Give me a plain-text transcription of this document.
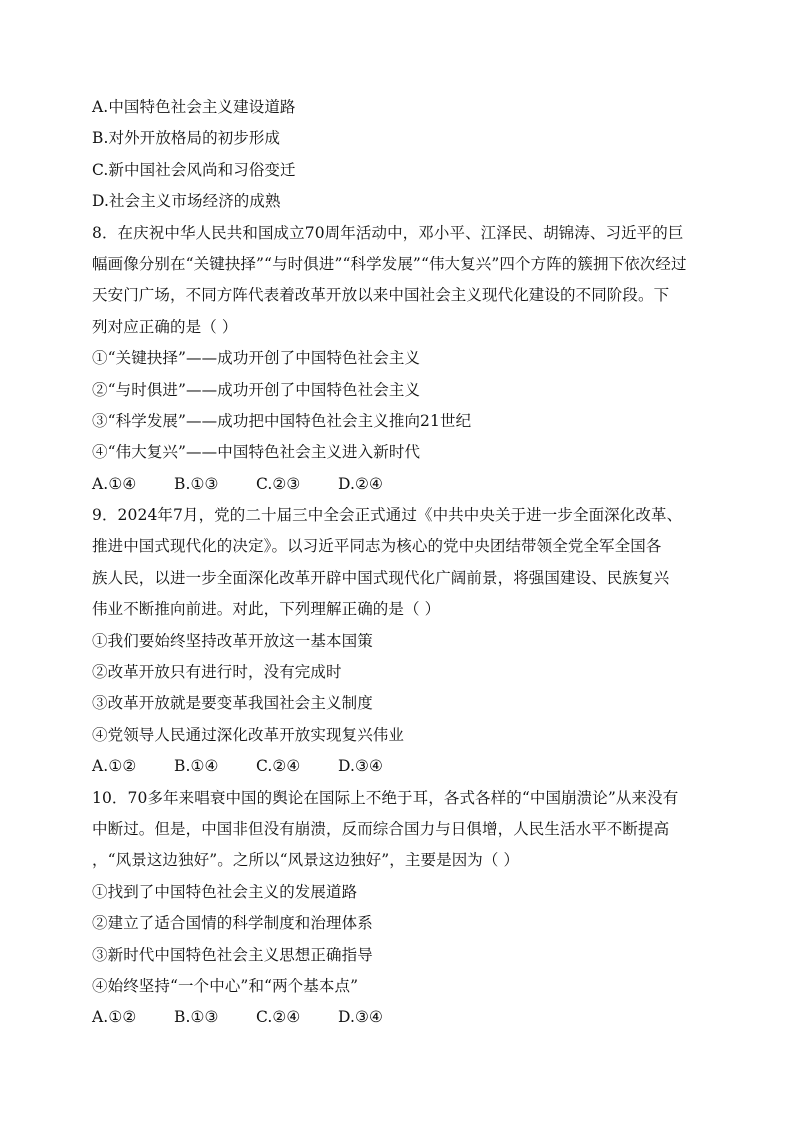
A.中国特色社会主义建设道路
B.对外开放格局的初步形成
C.新中国社会风尚和习俗变迁
D.社会主义市场经济的成熟
8．在庆祝中华人民共和国成立70周年活动中，邓小平、江泽民、胡锦涛、习近平的巨
幅画像分别在“关键抉择”“与时俱进”“科学发展”“伟大复兴”四个方阵的簇拥下依次经过
天安门广场，不同方阵代表着改革开放以来中国社会主义现代化建设的不同阶段。下
列对应正确的是（ ）
①“关键抉择”——成功开创了中国特色社会主义
②“与时俱进”——成功开创了中国特色社会主义
③“科学发展”——成功把中国特色社会主义推向21世纪
④“伟大复兴”——中国特色社会主义进入新时代
A.①④	B.①③	C.②③	D.②④
9．2024年7月，党的二十届三中全会正式通过《中共中央关于进一步全面深化改革、
推进中国式现代化的决定》。以习近平同志为核心的党中央团结带领全党全军全国各
族人民，以进一步全面深化改革开辟中国式现代化广阔前景，将强国建设、民族复兴
伟业不断推向前进。对此，下列理解正确的是（ ）
①我们要始终坚持改革开放这一基本国策
②改革开放只有进行时，没有完成时
③改革开放就是要变革我国社会主义制度
④党领导人民通过深化改革开放实现复兴伟业
A.①②	B.①④	C.②④	D.③④
10．70多年来唱衰中国的舆论在国际上不绝于耳，各式各样的“中国崩溃论”从来没有
中断过。但是，中国非但没有崩溃，反而综合国力与日俱增，人民生活水平不断提高
，“风景这边独好”。之所以“风景这边独好”，主要是因为（ ）
①找到了中国特色社会主义的发展道路
②建立了适合国情的科学制度和治理体系
③新时代中国特色社会主义思想正确指导
④始终坚持“一个中心”和“两个基本点”
A.①②	B.①③	C.②④	D.③④
